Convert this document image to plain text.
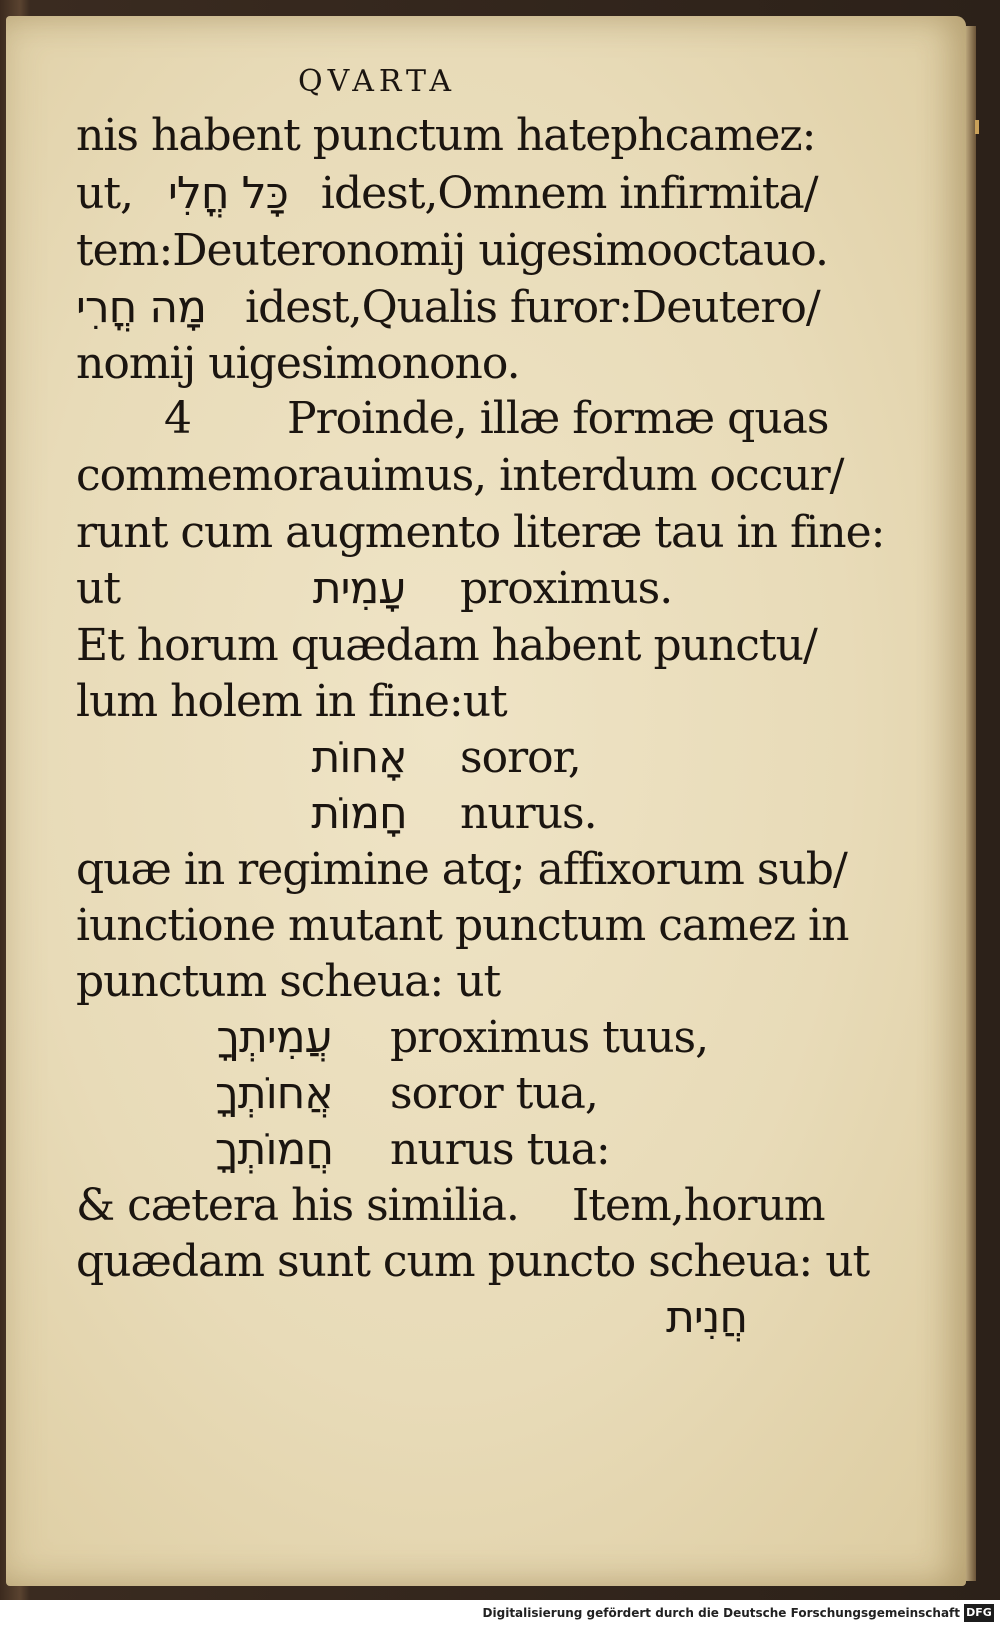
QVARTA
nis habent punctum hatephcamez:
ut, כָּל חֳלִי idest,Omnem infirmita/
tem:Deuteronomij uigesimooctauo.
מָה חֳרִי idest,Qualis furor:Deutero/
nomij uigesimonono.
4 Proinde, illæ formæ quas
commemorauimus, interdum occur/
runt cum augmento literæ tau in fine:
ut	עָמִית proximus.
Et horum quædam habent punctu/
lum holem in fine:ut
אָחוֹת soror,
חָמוֹת nurus.
quæ in regimine atq; affixorum sub/
iunctione mutant punctum camez in
punctum scheua: ut
עֲמִיתְךָ proximus tuus,
אֲחוֹתְךָ soror tua,
חֲמוֹתְךָ nurus tua:
& cætera his similia. Item,horum
quædam sunt cum puncto scheua: ut
חֲנִית
Digitalisierung gefördert durch die Deutsche Forschungsgemeinschaft DFG
